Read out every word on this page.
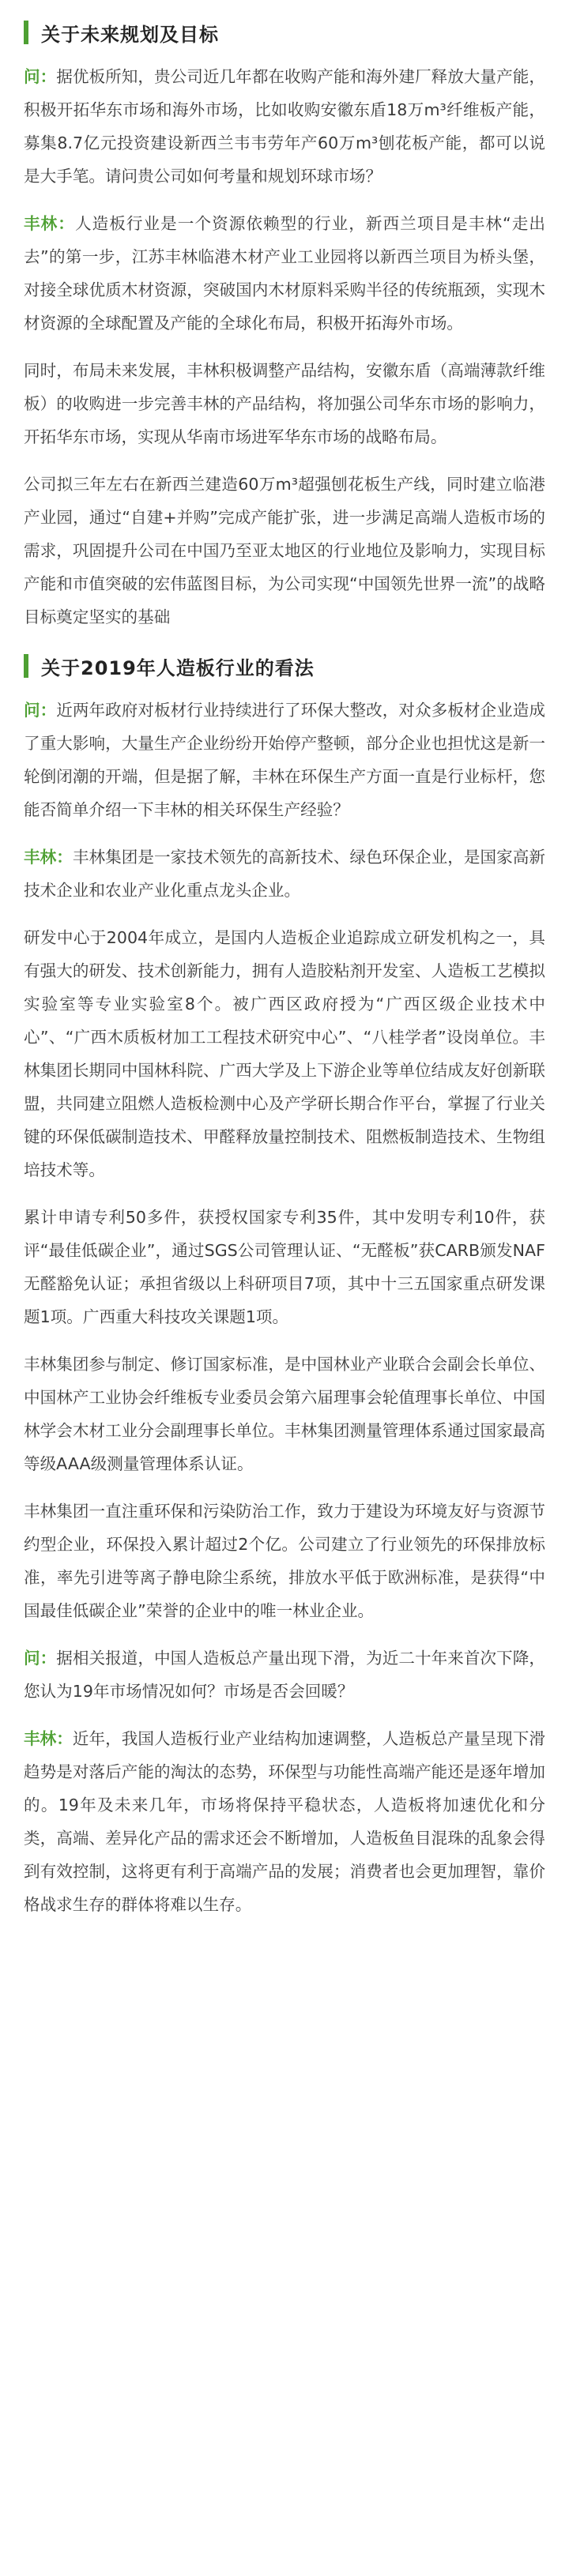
关于未来规划及目标

问：据优板所知，贵公司近几年都在收购产能和海外建厂释放大量产能，积极开拓华东市场和海外市场，比如收购安徽东盾18万m³纤维板产能，募集8.7亿元投资建设新西兰韦韦劳年产60万m³刨花板产能，都可以说是大手笔。请问贵公司如何考量和规划环球市场？

丰林：人造板行业是一个资源依赖型的行业，新西兰项目是丰林“走出去”的第一步，江苏丰林临港木材产业工业园将以新西兰项目为桥头堡，对接全球优质木材资源，突破国内木材原料采购半径的传统瓶颈，实现木材资源的全球配置及产能的全球化布局，积极开拓海外市场。

同时，布局未来发展，丰林积极调整产品结构，安徽东盾（高端薄款纤维板）的收购进一步完善丰林的产品结构，将加强公司华东市场的影响力，开拓华东市场，实现从华南市场进军华东市场的战略布局。

公司拟三年左右在新西兰建造60万m³超强刨花板生产线，同时建立临港产业园，通过“自建+并购”完成产能扩张，进一步满足高端人造板市场的需求，巩固提升公司在中国乃至亚太地区的行业地位及影响力，实现目标产能和市值突破的宏伟蓝图目标，为公司实现“中国领先世界一流”的战略目标奠定坚实的基础

关于2019年人造板行业的看法

问：近两年政府对板材行业持续进行了环保大整改，对众多板材企业造成了重大影响，大量生产企业纷纷开始停产整顿，部分企业也担忧这是新一轮倒闭潮的开端，但是据了解，丰林在环保生产方面一直是行业标杆，您能否简单介绍一下丰林的相关环保生产经验？

丰林：丰林集团是一家技术领先的高新技术、绿色环保企业，是国家高新技术企业和农业产业化重点龙头企业。

研发中心于2004年成立，是国内人造板企业追踪成立研发机构之一，具有强大的研发、技术创新能力，拥有人造胶粘剂开发室、人造板工艺模拟实验室等专业实验室8个。被广西区政府授为“广西区级企业技术中心”、“广西木质板材加工工程技术研究中心”、“八桂学者”设岗单位。丰林集团长期同中国林科院、广西大学及上下游企业等单位结成友好创新联盟，共同建立阻燃人造板检测中心及产学研长期合作平台，掌握了行业关键的环保低碳制造技术、甲醛释放量控制技术、阻燃板制造技术、生物组培技术等。

累计申请专利50多件，获授权国家专利35件，其中发明专利10件，获评“最佳低碳企业”，通过SGS公司管理认证、“无醛板”获CARB颁发NAF无醛豁免认证；承担省级以上科研项目7项，其中十三五国家重点研发课题1项。广西重大科技攻关课题1项。

丰林集团参与制定、修订国家标准，是中国林业产业联合会副会长单位、中国林产工业协会纤维板专业委员会第六届理事会轮值理事长单位、中国林学会木材工业分会副理事长单位。丰林集团测量管理体系通过国家最高等级AAA级测量管理体系认证。

丰林集团一直注重环保和污染防治工作，致力于建设为环境友好与资源节约型企业，环保投入累计超过2个亿。公司建立了行业领先的环保排放标准，率先引进等离子静电除尘系统，排放水平低于欧洲标准，是获得“中国最佳低碳企业”荣誉的企业中的唯一林业企业。

问：据相关报道，中国人造板总产量出现下滑，为近二十年来首次下降，您认为19年市场情况如何？市场是否会回暖？

丰林：近年，我国人造板行业产业结构加速调整，人造板总产量呈现下滑趋势是对落后产能的淘汰的态势，环保型与功能性高端产能还是逐年增加的。19年及未来几年，市场将保持平稳状态，人造板将加速优化和分类，高端、差异化产品的需求还会不断增加，人造板鱼目混珠的乱象会得到有效控制，这将更有利于高端产品的发展；消费者也会更加理智，靠价格战求生存的群体将难以生存。
